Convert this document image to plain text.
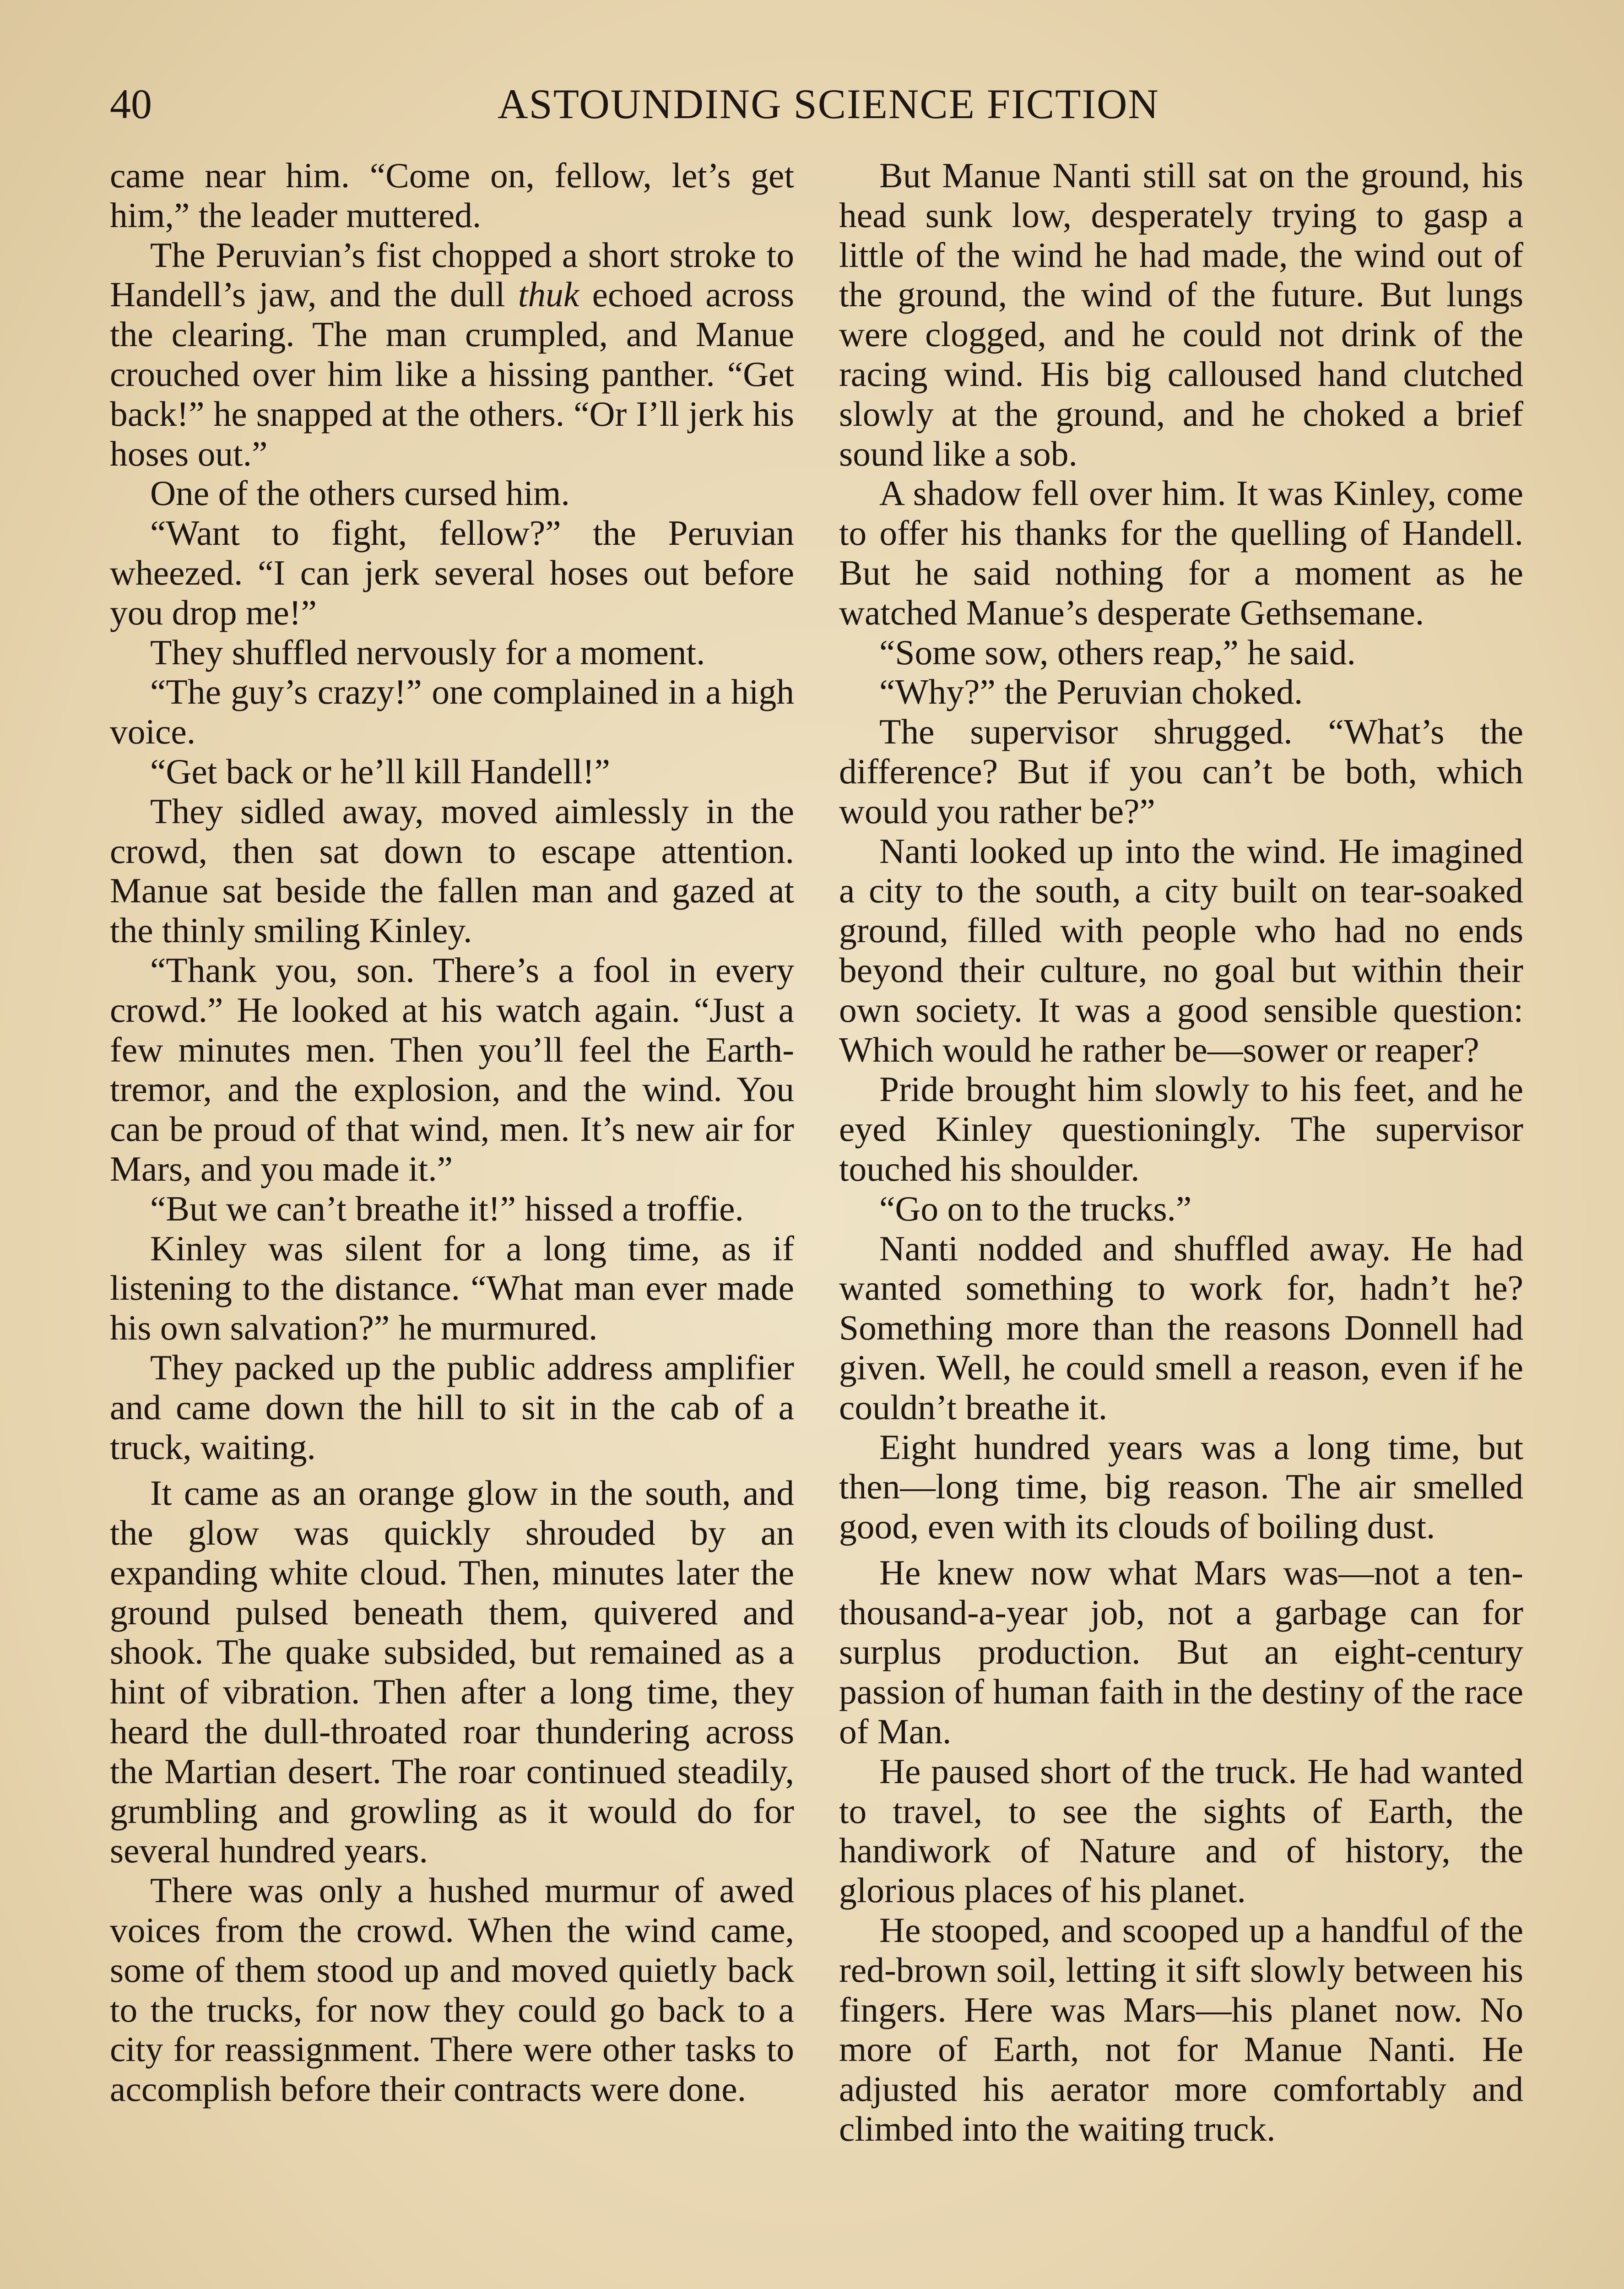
40	ASTOUNDING SCIENCE FICTION

came near him. “Come on, fellow, let’s get him,” the leader muttered.

The Peruvian’s fist chopped a short stroke to Handell’s jaw, and the dull thuk echoed across the clearing. The man crumpled, and Manue crouched over him like a hissing panther. “Get back!” he snapped at the others. “Or I’ll jerk his hoses out.”

One of the others cursed him.

“Want to fight, fellow?” the Peruvian wheezed. “I can jerk several hoses out before you drop me!”

They shuffled nervously for a moment.

“The guy’s crazy!” one complained in a high voice.

“Get back or he’ll kill Handell!”

They sidled away, moved aimlessly in the crowd, then sat down to escape attention. Manue sat beside the fallen man and gazed at the thinly smiling Kinley.

“Thank you, son. There’s a fool in every crowd.” He looked at his watch again. “Just a few minutes men. Then you’ll feel the Earth-tremor, and the explosion, and the wind. You can be proud of that wind, men. It’s new air for Mars, and you made it.”

“But we can’t breathe it!” hissed a troffie.

Kinley was silent for a long time, as if listening to the distance. “What man ever made his own salvation?” he murmured.

They packed up the public address amplifier and came down the hill to sit in the cab of a truck, waiting.

It came as an orange glow in the south, and the glow was quickly shrouded by an expanding white cloud. Then, minutes later the ground pulsed beneath them, quivered and shook. The quake subsided, but remained as a hint of vibration. Then after a long time, they heard the dull-throated roar thundering across the Martian desert. The roar continued steadily, grumbling and growling as it would do for several hundred years.

There was only a hushed murmur of awed voices from the crowd. When the wind came, some of them stood up and moved quietly back to the trucks, for now they could go back to a city for reassignment. There were other tasks to accomplish before their contracts were done.

But Manue Nanti still sat on the ground, his head sunk low, desperately trying to gasp a little of the wind he had made, the wind out of the ground, the wind of the future. But lungs were clogged, and he could not drink of the racing wind. His big calloused hand clutched slowly at the ground, and he choked a brief sound like a sob.

A shadow fell over him. It was Kinley, come to offer his thanks for the quelling of Handell. But he said nothing for a moment as he watched Manue’s desperate Gethsemane.

“Some sow, others reap,” he said.

“Why?” the Peruvian choked.

The supervisor shrugged. “What’s the difference? But if you can’t be both, which would you rather be?”

Nanti looked up into the wind. He imagined a city to the south, a city built on tear-soaked ground, filled with people who had no ends beyond their culture, no goal but within their own society. It was a good sensible question: Which would he rather be—sower or reaper?

Pride brought him slowly to his feet, and he eyed Kinley questioningly. The supervisor touched his shoulder.

“Go on to the trucks.”

Nanti nodded and shuffled away. He had wanted something to work for, hadn’t he? Something more than the reasons Donnell had given. Well, he could smell a reason, even if he couldn’t breathe it.

Eight hundred years was a long time, but then—long time, big reason. The air smelled good, even with its clouds of boiling dust.

He knew now what Mars was—not a ten-thousand-a-year job, not a garbage can for surplus production. But an eight-century passion of human faith in the destiny of the race of Man.

He paused short of the truck. He had wanted to travel, to see the sights of Earth, the handiwork of Nature and of history, the glorious places of his planet.

He stooped, and scooped up a handful of the red-brown soil, letting it sift slowly between his fingers. Here was Mars—his planet now. No more of Earth, not for Manue Nanti. He adjusted his aerator more comfortably and climbed into the waiting truck.
